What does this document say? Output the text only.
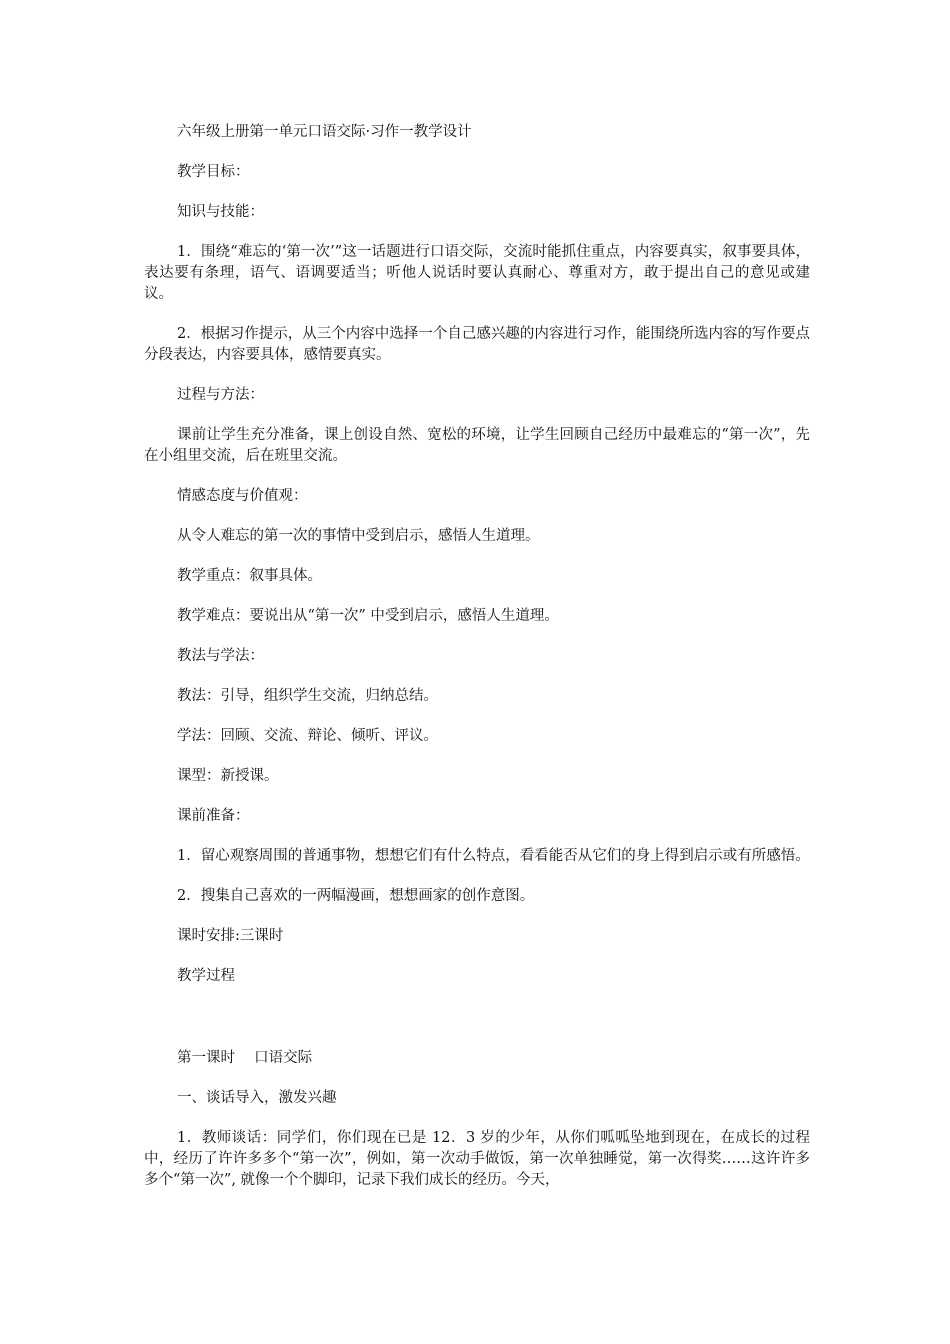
六年级上册第一单元口语交际·习作一教学设计

教学目标：

知识与技能：

1．围绕“难忘的‘第一次’”这一话题进行口语交际，交流时能抓住重点，内容要真实，叙事要具体，表达要有条理，语气、语调要适当；听他人说话时要认真耐心、尊重对方，敢于提出自己的意见或建议。

2．根据习作提示，从三个内容中选择一个自己感兴趣的内容进行习作，能围绕所选内容的写作要点分段表达，内容要具体，感情要真实。

过程与方法：

课前让学生充分准备，课上创设自然、宽松的环境，让学生回顾自己经历中最难忘的“第一次”，先在小组里交流，后在班里交流。

情感态度与价值观：

从令人难忘的第一次的事情中受到启示，感悟人生道理。

教学重点：叙事具体。

教学难点：要说出从“第一次” 中受到启示，感悟人生道理。

教法与学法：

教法：引导，组织学生交流，归纳总结。

学法：回顾、交流、辩论、倾听、评议。

课型：新授课。

课前准备：

1．留心观察周围的普通事物，想想它们有什么特点，看看能否从它们的身上得到启示或有所感悟。

2．搜集自己喜欢的一两幅漫画，想想画家的创作意图。

课时安排:三课时

教学过程

第一课时　 口语交际

一、谈话导入，激发兴趣

1．教师谈话：同学们，你们现在已是 12．3 岁的少年，从你们呱呱坠地到现在，在成长的过程中，经历了许许多多个“第一次”，例如，第一次动手做饭，第一次单独睡觉，第一次得奖……这许许多多个“第一次”, 就像一个个脚印，记录下我们成长的经历。今天，
